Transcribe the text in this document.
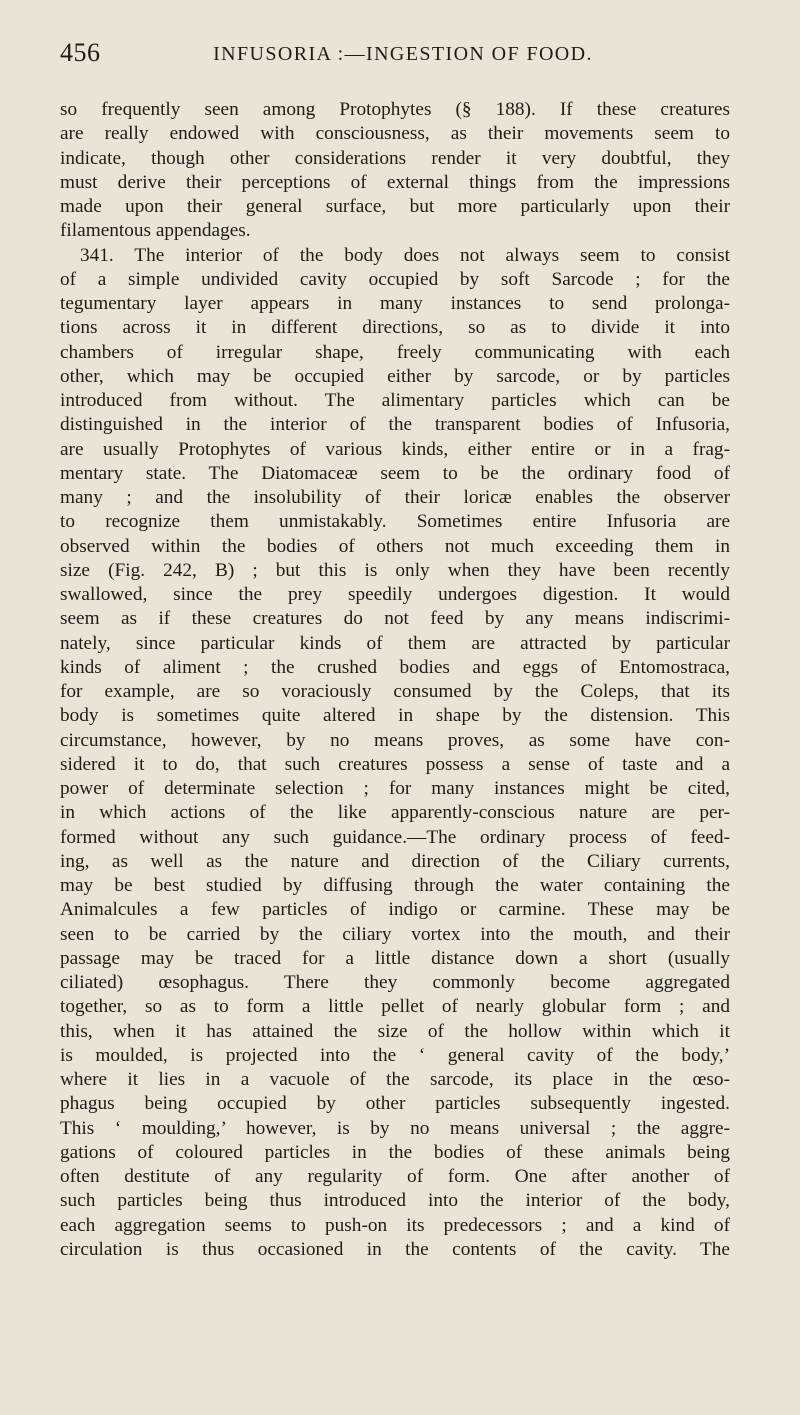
456	INFUSORIA :—INGESTION OF FOOD.
so frequently seen among Protophytes (§ 188). If these creatures
are really endowed with consciousness, as their movements seem to
indicate, though other considerations render it very doubtful, they
must derive their perceptions of external things from the impressions
made upon their general surface, but more particularly upon their
filamentous appendages.
341. The interior of the body does not always seem to consist
of a simple undivided cavity occupied by soft Sarcode ; for the
tegumentary layer appears in many instances to send prolonga-
tions across it in different directions, so as to divide it into
chambers of irregular shape, freely communicating with each
other, which may be occupied either by sarcode, or by particles
introduced from without. The alimentary particles which can be
distinguished in the interior of the transparent bodies of Infusoria,
are usually Protophytes of various kinds, either entire or in a frag-
mentary state. The Diatomaceæ seem to be the ordinary food of
many ; and the insolubility of their loricæ enables the observer
to recognize them unmistakably. Sometimes entire Infusoria are
observed within the bodies of others not much exceeding them in
size (Fig. 242, B) ; but this is only when they have been recently
swallowed, since the prey speedily undergoes digestion. It would
seem as if these creatures do not feed by any means indiscrimi-
nately, since particular kinds of them are attracted by particular
kinds of aliment ; the crushed bodies and eggs of Entomostraca,
for example, are so voraciously consumed by the Coleps, that its
body is sometimes quite altered in shape by the distension. This
circumstance, however, by no means proves, as some have con-
sidered it to do, that such creatures possess a sense of taste and a
power of determinate selection ; for many instances might be cited,
in which actions of the like apparently-conscious nature are per-
formed without any such guidance.—The ordinary process of feed-
ing, as well as the nature and direction of the Ciliary currents,
may be best studied by diffusing through the water containing the
Animalcules a few particles of indigo or carmine. These may be
seen to be carried by the ciliary vortex into the mouth, and their
passage may be traced for a little distance down a short (usually
ciliated) œsophagus. There they commonly become aggregated
together, so as to form a little pellet of nearly globular form ; and
this, when it has attained the size of the hollow within which it
is moulded, is projected into the ‘ general cavity of the body,’
where it lies in a vacuole of the sarcode, its place in the œso-
phagus being occupied by other particles subsequently ingested.
This ‘ moulding,’ however, is by no means universal ; the aggre-
gations of coloured particles in the bodies of these animals being
often destitute of any regularity of form. One after another of
such particles being thus introduced into the interior of the body,
each aggregation seems to push-on its predecessors ; and a kind of
circulation is thus occasioned in the contents of the cavity. The
